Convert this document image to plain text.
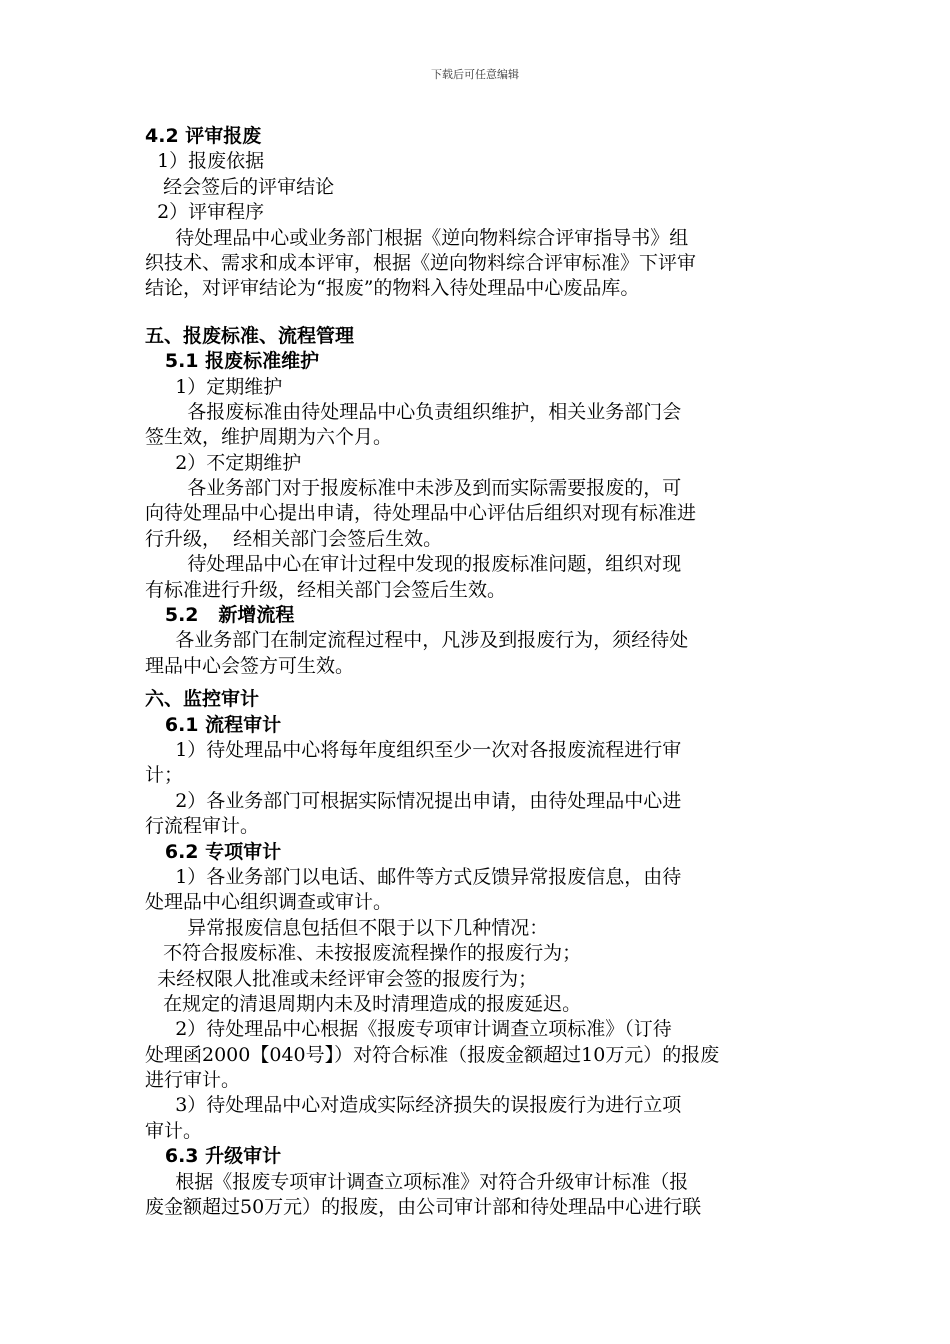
下载后可任意编辑
4.2 评审报废
1）报废依据
经会签后的评审结论
2）评审程序
待处理品中心或业务部门根据《逆向物料综合评审指导书》组
织技术、需求和成本评审，根据《逆向物料综合评审标准》下评审
结论，对评审结论为“报废”的物料入待处理品中心废品库。
五、报废标准、流程管理
5.1 报废标准维护
1）定期维护
各报废标准由待处理品中心负责组织维护，相关业务部门会
签生效，维护周期为六个月。
2）不定期维护
各业务部门对于报废标准中未涉及到而实际需要报废的，可
向待处理品中心提出申请，待处理品中心评估后组织对现有标准进
行升级，  经相关部门会签后生效。
待处理品中心在审计过程中发现的报废标准问题，组织对现
有标准进行升级，经相关部门会签后生效。
5.2   新增流程
各业务部门在制定流程过程中，凡涉及到报废行为，须经待处
理品中心会签方可生效。
六、监控审计
6.1 流程审计
1）待处理品中心将每年度组织至少一次对各报废流程进行审
计；
2）各业务部门可根据实际情况提出申请，由待处理品中心进
行流程审计。
6.2 专项审计
1）各业务部门以电话、邮件等方式反馈异常报废信息，由待
处理品中心组织调查或审计。
异常报废信息包括但不限于以下几种情况：
不符合报废标准、未按报废流程操作的报废行为；
未经权限人批准或未经评审会签的报废行为；
在规定的清退周期内未及时清理造成的报废延迟。
2）待处理品中心根据《报废专项审计调查立项标准》（订待
处理函2000【040号】）对符合标准（报废金额超过10万元）的报废
进行审计。
3）待处理品中心对造成实际经济损失的误报废行为进行立项
审计。
6.3 升级审计
根据《报废专项审计调查立项标准》对符合升级审计标准（报
废金额超过50万元）的报废，由公司审计部和待处理品中心进行联
